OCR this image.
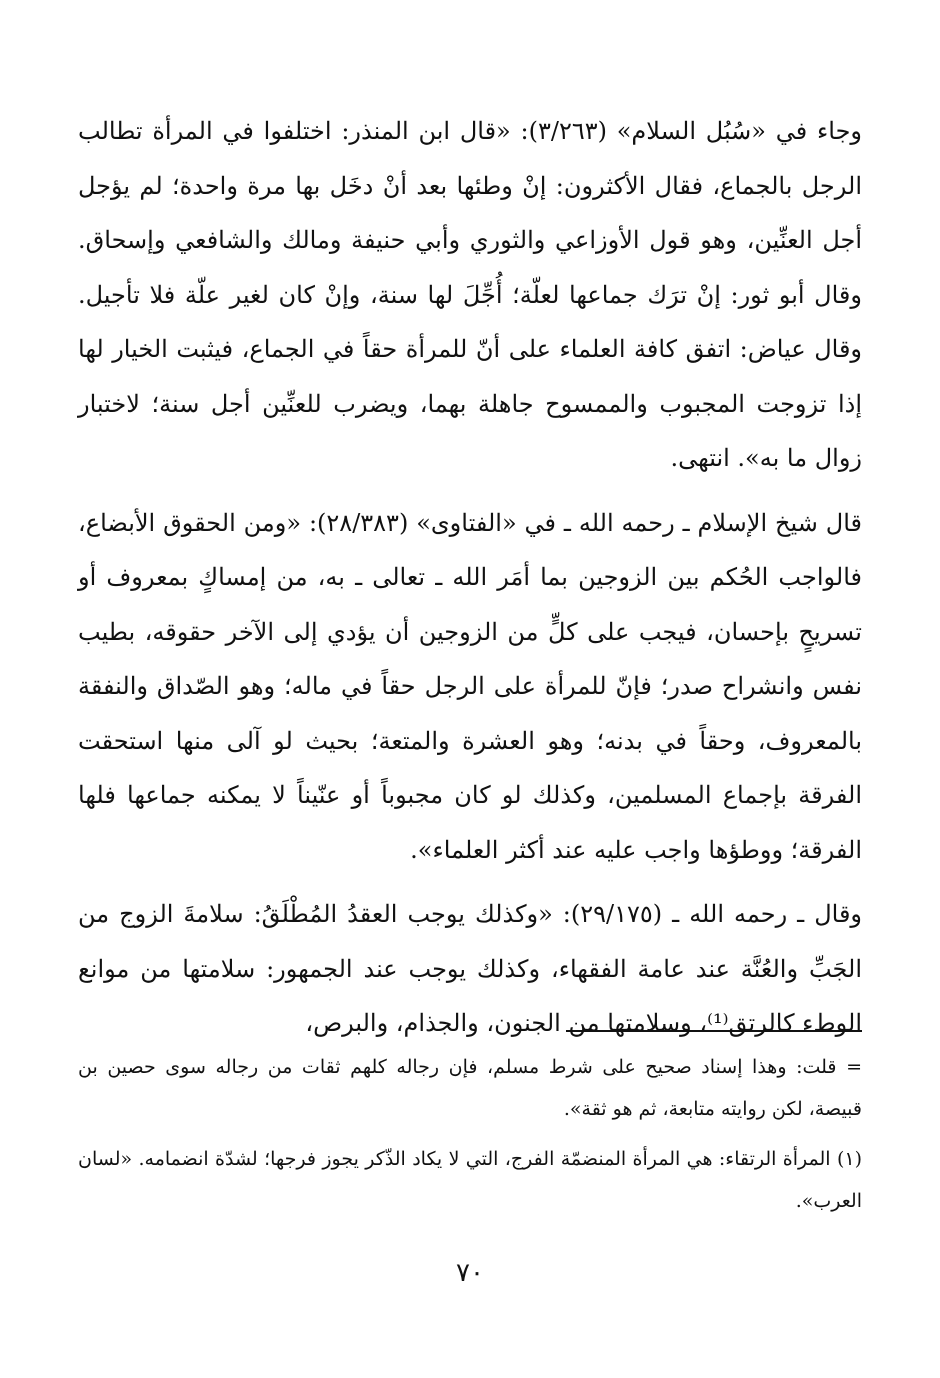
وجاء في «سُبُل السلام» (٣/٢٦٣): «قال ابن المنذر: اختلفوا في المرأة تطالب الرجل بالجماع، فقال الأكثرون: إنْ وطئها بعد أنْ دخَل بها مرة واحدة؛ لم يؤجل أجل العنِّين، وهو قول الأوزاعي والثوري وأبي حنيفة ومالك والشافعي وإسحاق. وقال أبو ثور: إنْ ترَك جماعها لعلّة؛ أُجِّلَ لها سنة، وإنْ كان لغير علّة فلا تأجيل. وقال عياض: اتفق كافة العلماء على أنّ للمرأة حقاً في الجماع، فيثبت الخيار لها إذا تزوجت المجبوب والممسوح جاهلة بهما، ويضرب للعنِّين أجل سنة؛ لاختبار زوال ما به». انتهى.

قال شيخ الإسلام ـ رحمه الله ـ في «الفتاوى» (٢٨/٣٨٣): «ومن الحقوق الأبضاع، فالواجب الحُكم بين الزوجين بما أمَر الله ـ تعالى ـ به، من إمساكٍ بمعروف أو تسريحٍ بإحسان، فيجب على كلٍّ من الزوجين أن يؤدي إلى الآخر حقوقه، بطيب نفس وانشراح صدر؛ فإنّ للمرأة على الرجل حقاً في ماله؛ وهو الصّداق والنفقة بالمعروف، وحقاً في بدنه؛ وهو العشرة والمتعة؛ بحيث لو آلى منها استحقت الفرقة بإجماع المسلمين، وكذلك لو كان مجبوباً أو عنّيناً لا يمكنه جماعها فلها الفرقة؛ ووطؤها واجب عليه عند أكثر العلماء».

وقال ـ رحمه الله ـ (٢٩/١٧٥): «وكذلك يوجب العقدُ المُطْلَقُ: سلامةَ الزوج من الجَبِّ والعُنَّة عند عامة الفقهاء، وكذلك يوجب عند الجمهور: سلامتها من موانع الوطء كالرتق⁽¹⁾، وسلامتها من الجنون، والجذام، والبرص،

= قلت: وهذا إسناد صحيح على شرط مسلم، فإن رجاله كلهم ثقات من رجاله سوى حصين بن قبيصة، لكن روايته متابعة، ثم هو ثقة».

(١) المرأة الرتقاء: هي المرأة المنضمّة الفرج، التي لا يكاد الذّكر يجوز فرجها؛ لشدّة انضمامه. «لسان العرب».

٧٠
